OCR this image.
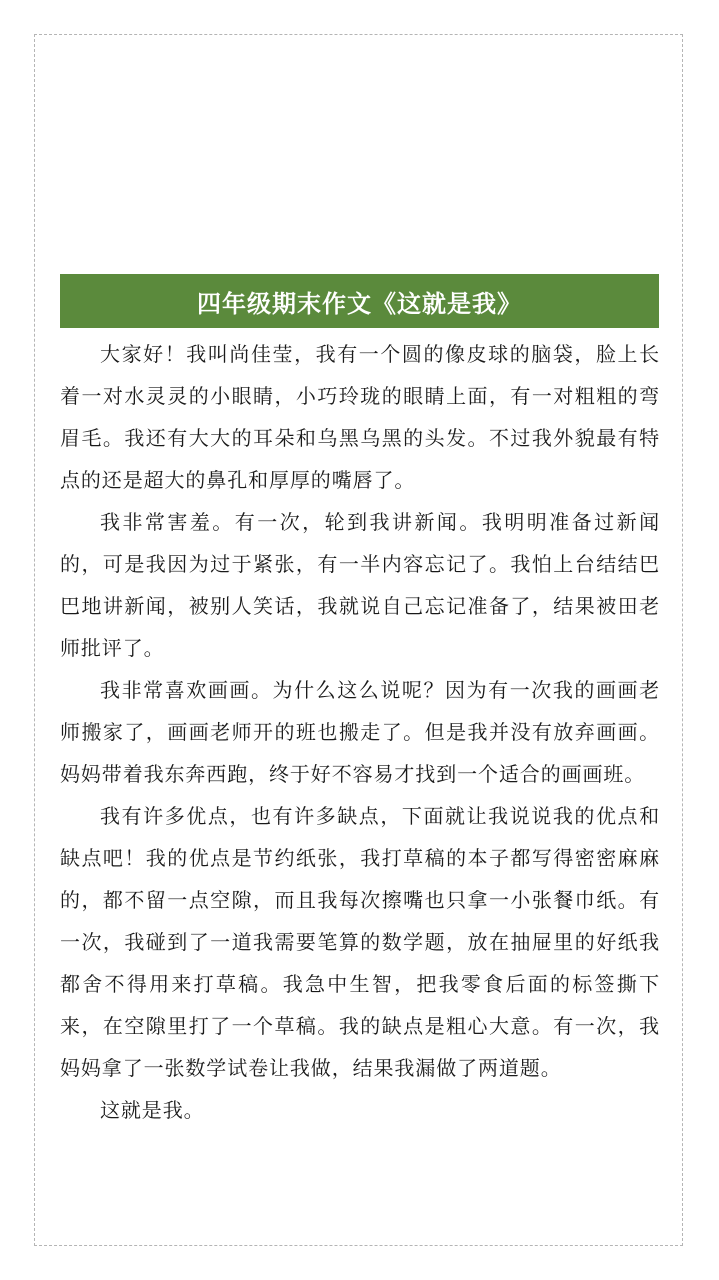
四年级期末作文《这就是我》

大家好！我叫尚佳莹，我有一个圆的像皮球的脑袋，脸上长着一对水灵灵的小眼睛，小巧玲珑的眼睛上面，有一对粗粗的弯眉毛。我还有大大的耳朵和乌黑乌黑的头发。不过我外貌最有特点的还是超大的鼻孔和厚厚的嘴唇了。

我非常害羞。有一次，轮到我讲新闻。我明明准备过新闻的，可是我因为过于紧张，有一半内容忘记了。我怕上台结结巴巴地讲新闻，被别人笑话，我就说自己忘记准备了，结果被田老师批评了。

我非常喜欢画画。为什么这么说呢？因为有一次我的画画老师搬家了，画画老师开的班也搬走了。但是我并没有放弃画画。妈妈带着我东奔西跑，终于好不容易才找到一个适合的画画班。

我有许多优点，也有许多缺点，下面就让我说说我的优点和缺点吧！我的优点是节约纸张，我打草稿的本子都写得密密麻麻的，都不留一点空隙，而且我每次擦嘴也只拿一小张餐巾纸。有一次，我碰到了一道我需要笔算的数学题，放在抽屉里的好纸我都舍不得用来打草稿。我急中生智，把我零食后面的标签撕下来，在空隙里打了一个草稿。我的缺点是粗心大意。有一次，我妈妈拿了一张数学试卷让我做，结果我漏做了两道题。

这就是我。
